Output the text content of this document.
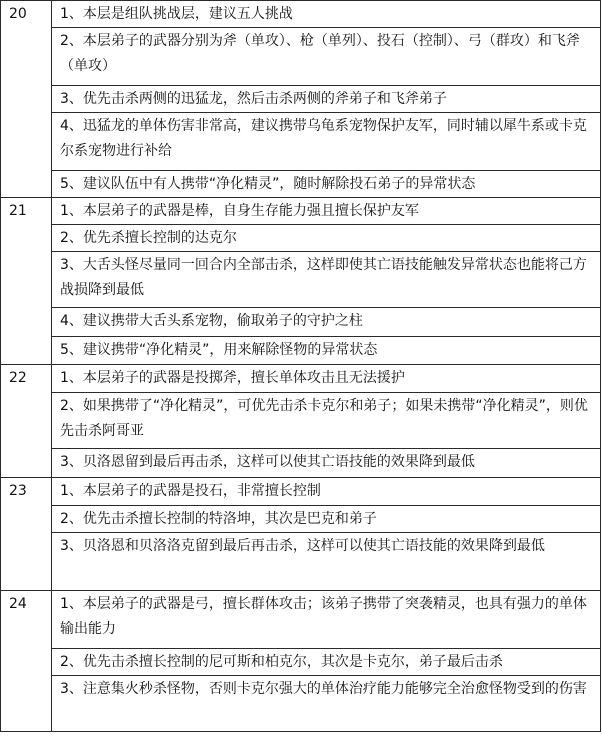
20	1、本层是组队挑战层，建议五人挑战
	2、本层弟子的武器分别为斧（单攻）、枪（单列）、投石（控制）、弓（群攻）和飞斧（单攻）
	3、优先击杀两侧的迅猛龙，然后击杀两侧的斧弟子和飞斧弟子
	4、迅猛龙的单体伤害非常高，建议携带乌龟系宠物保护友军，同时辅以犀牛系或卡克尔系宠物进行补给
	5、建议队伍中有人携带“净化精灵”，随时解除投石弟子的异常状态
21	1、本层弟子的武器是棒，自身生存能力强且擅长保护友军
	2、优先杀擅长控制的达克尔
	3、大舌头怪尽量同一回合内全部击杀，这样即使其亡语技能触发异常状态也能将己方战损降到最低
	4、建议携带大舌头系宠物，偷取弟子的守护之柱
	5、建议携带“净化精灵”，用来解除怪物的异常状态
22	1、本层弟子的武器是投掷斧，擅长单体攻击且无法援护
	2、如果携带了“净化精灵”，可优先击杀卡克尔和弟子；如果未携带“净化精灵”，则优先击杀阿哥亚
	3、贝洛恩留到最后再击杀，这样可以使其亡语技能的效果降到最低
23	1、本层弟子的武器是投石，非常擅长控制
	2、优先击杀擅长控制的特洛坤，其次是巴克和弟子
	3、贝洛恩和贝洛洛克留到最后再击杀，这样可以使其亡语技能的效果降到最低
24	1、本层弟子的武器是弓，擅长群体攻击；该弟子携带了突袭精灵，也具有强力的单体输出能力
	2、优先击杀擅长控制的尼可斯和柏克尔，其次是卡克尔，弟子最后击杀
	3、注意集火秒杀怪物，否则卡克尔强大的单体治疗能力能够完全治愈怪物受到的伤害
